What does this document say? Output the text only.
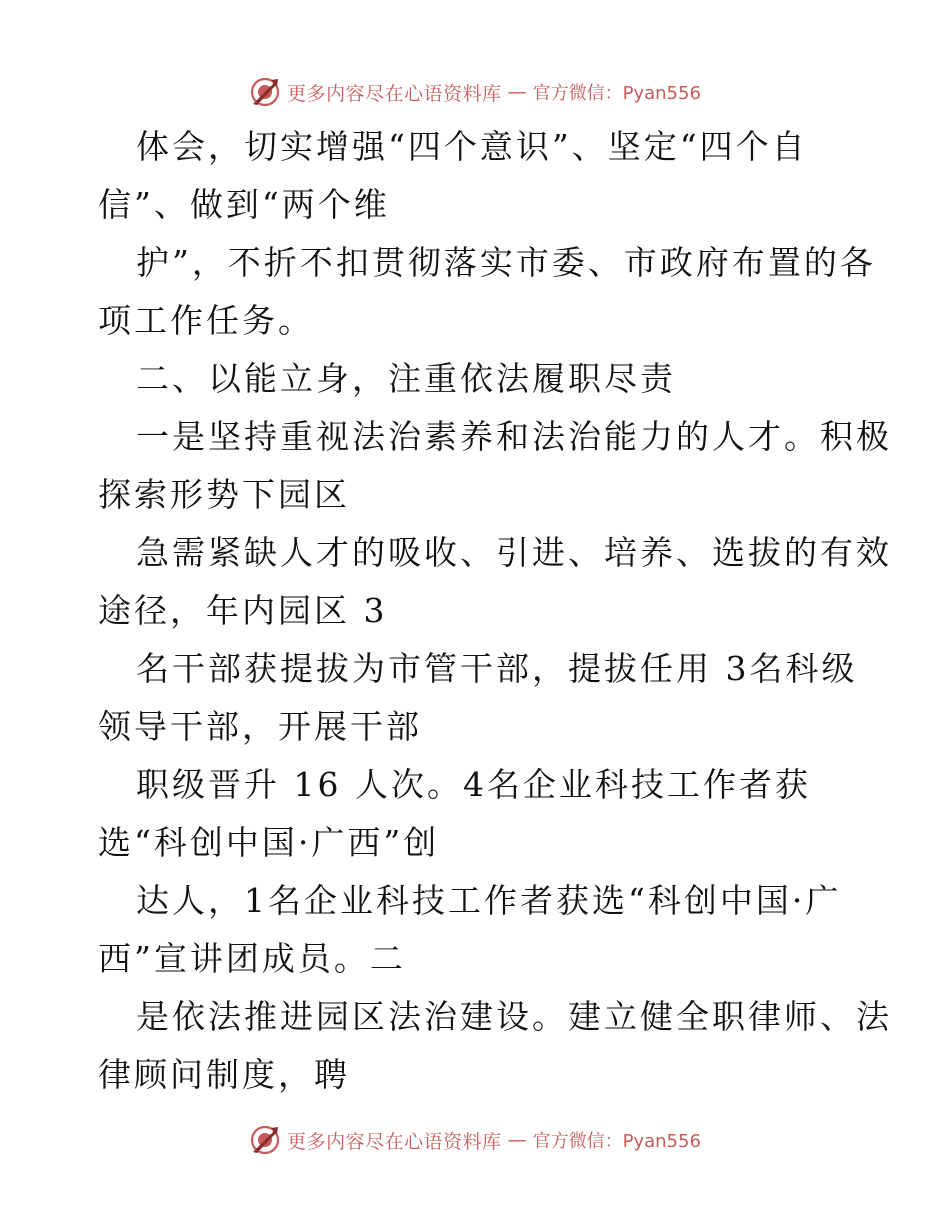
更多内容尽在心语资料库 — 官方微信：Pyan556
体会，切实增强“四个意识”、坚定“四个自
信”、做到“两个维
护”，不折不扣贯彻落实市委、市政府布置的各
项工作任务。
二、以能立身，注重依法履职尽责
一是坚持重视法治素养和法治能力的人才。积极
探索形势下园区
急需紧缺人才的吸收、引进、培养、选拔的有效
途径，年内园区 3
名干部获提拔为市管干部，提拔任用 3名科级
领导干部，开展干部
职级晋升 16 人次。4名企业科技工作者获
选“科创中国·广西”创
达人，1名企业科技工作者获选“科创中国·广
西”宣讲团成员。二
是依法推进园区法治建设。建立健全职律师、法
律顾问制度，聘
更多内容尽在心语资料库 — 官方微信：Pyan556
